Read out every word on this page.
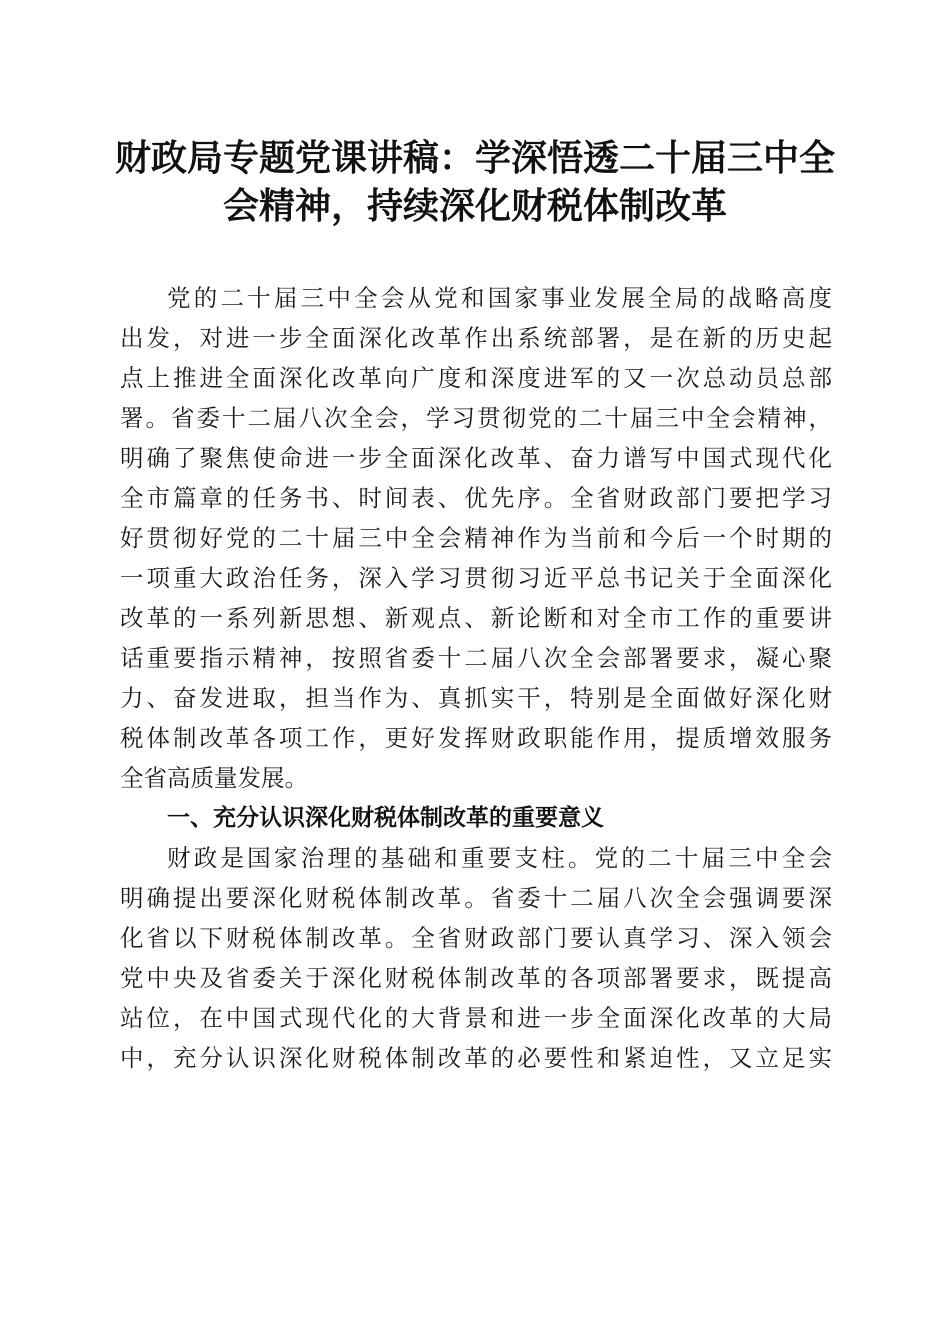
财政局专题党课讲稿：学深悟透二十届三中全
会精神，持续深化财税体制改革
党的二十届三中全会从党和国家事业发展全局的战略高度
出发，对进一步全面深化改革作出系统部署，是在新的历史起
点上推进全面深化改革向广度和深度进军的又一次总动员总部
署。省委十二届八次全会，学习贯彻党的二十届三中全会精神，
明确了聚焦使命进一步全面深化改革、奋力谱写中国式现代化
全市篇章的任务书、时间表、优先序。全省财政部门要把学习
好贯彻好党的二十届三中全会精神作为当前和今后一个时期的
一项重大政治任务，深入学习贯彻习近平总书记关于全面深化
改革的一系列新思想、新观点、新论断和对全市工作的重要讲
话重要指示精神，按照省委十二届八次全会部署要求，凝心聚
力、奋发进取，担当作为、真抓实干，特别是全面做好深化财
税体制改革各项工作，更好发挥财政职能作用，提质增效服务
全省高质量发展。
一、充分认识深化财税体制改革的重要意义
财政是国家治理的基础和重要支柱。党的二十届三中全会
明确提出要深化财税体制改革。省委十二届八次全会强调要深
化省以下财税体制改革。全省财政部门要认真学习、深入领会
党中央及省委关于深化财税体制改革的各项部署要求，既提高
站位，在中国式现代化的大背景和进一步全面深化改革的大局
中，充分认识深化财税体制改革的必要性和紧迫性，又立足实
